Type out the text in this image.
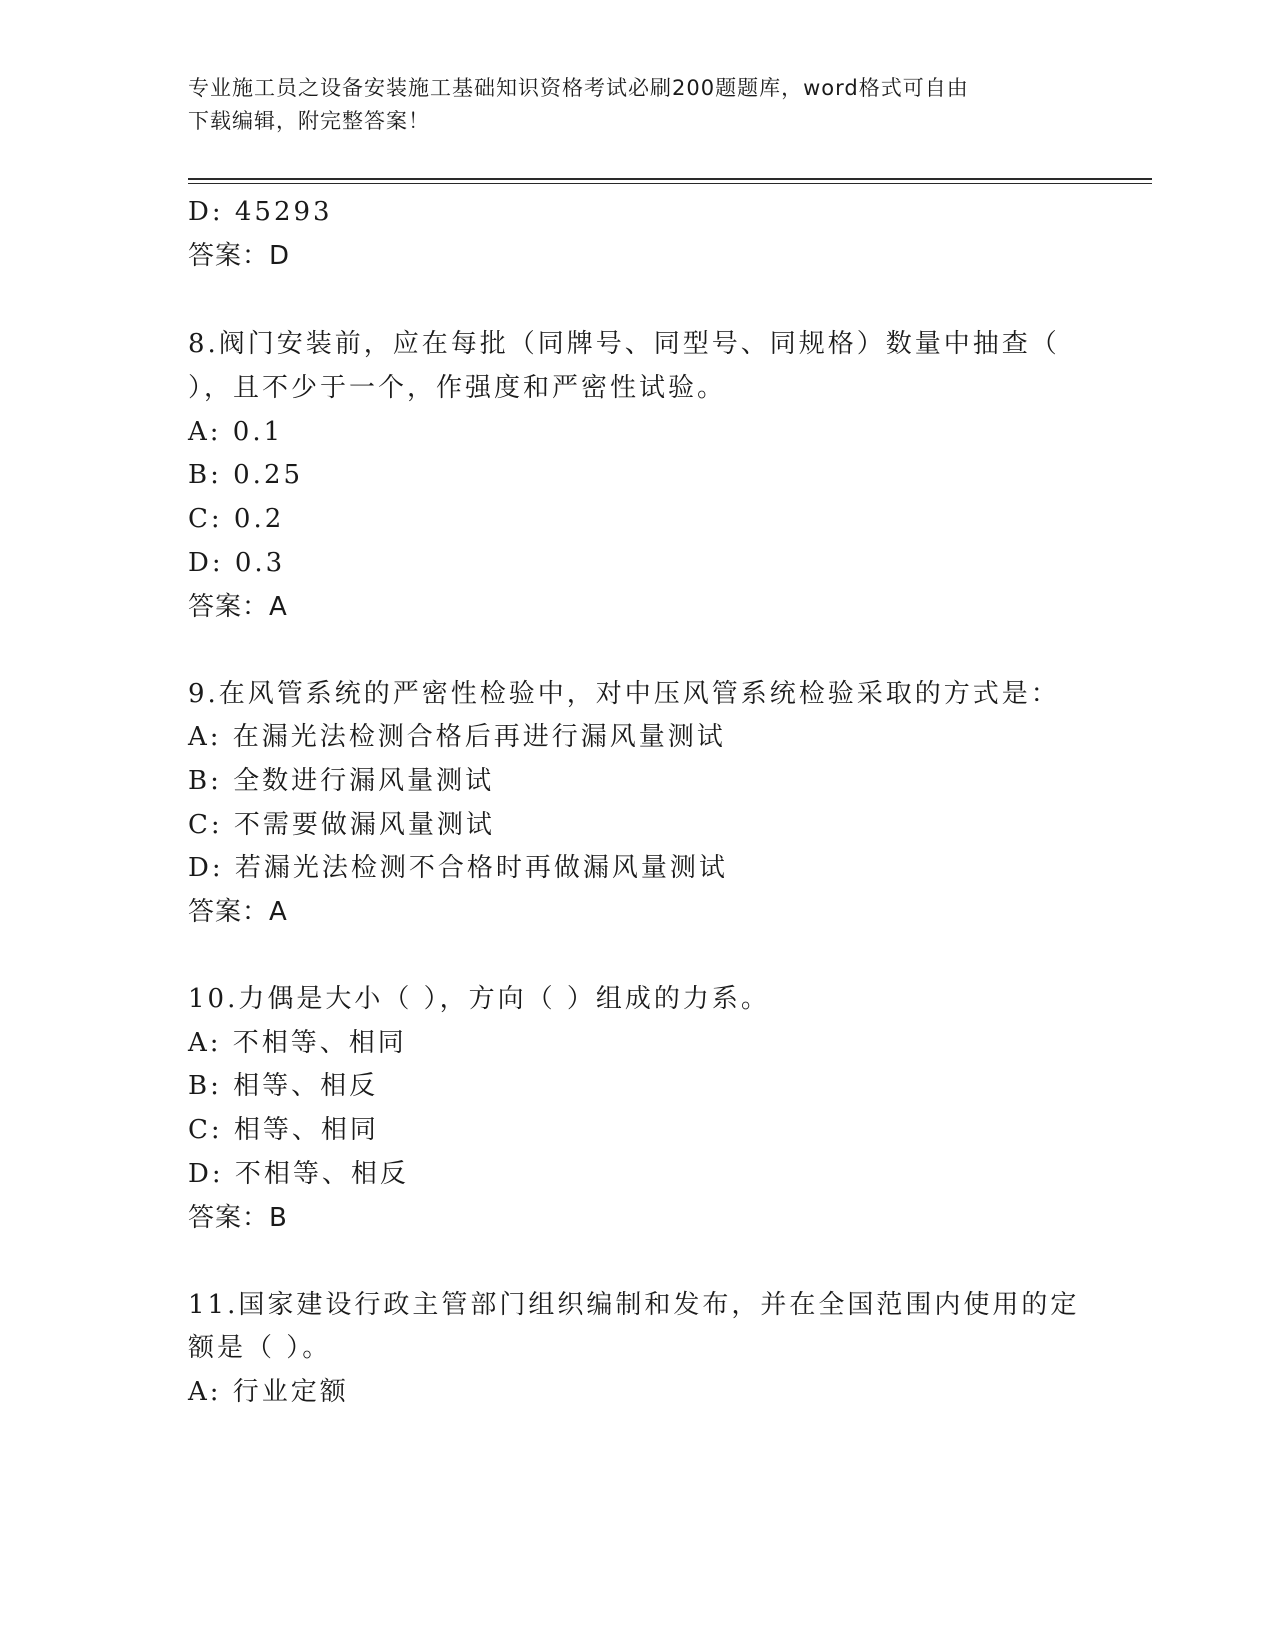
专业施工员之设备安装施工基础知识资格考试必刷200题题库，word格式可自由
下载编辑，附完整答案！
D: 45293
答案：D
8.阀门安装前，应在每批（同牌号、同型号、同规格）数量中抽查（
），且不少于一个，作强度和严密性试验。
A: 0.1
B: 0.25
C: 0.2
D: 0.3
答案：A
9.在风管系统的严密性检验中，对中压风管系统检验采取的方式是：
A: 在漏光法检测合格后再进行漏风量测试
B: 全数进行漏风量测试
C: 不需要做漏风量测试
D: 若漏光法检测不合格时再做漏风量测试
答案：A
10.力偶是大小（ ），方向（ ）组成的力系。
A: 不相等、相同
B: 相等、相反
C: 相等、相同
D: 不相等、相反
答案：B
11.国家建设行政主管部门组织编制和发布，并在全国范围内使用的定
额是（ ）。
A: 行业定额
